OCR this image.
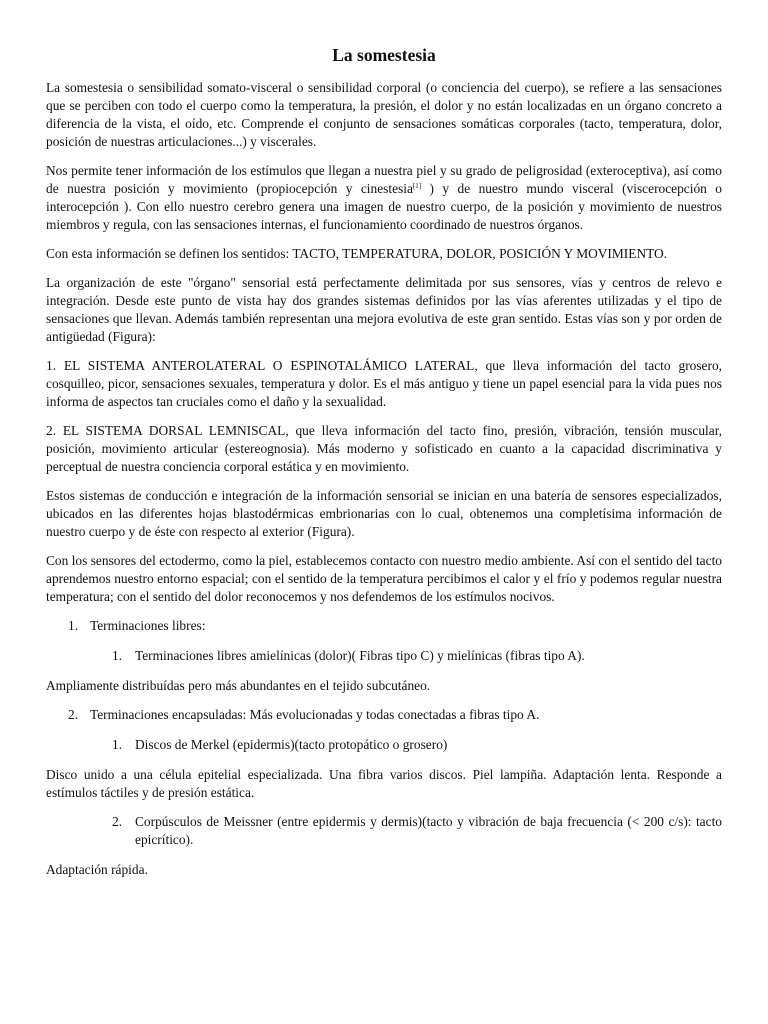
La somestesia

La somestesia o sensibilidad somato-visceral o sensibilidad corporal (o conciencia del cuerpo), se refiere a las sensaciones que se perciben con todo el cuerpo como la temperatura, la presión, el dolor y no están localizadas en un órgano concreto a diferencia de la vista, el oído, etc. Comprende el conjunto de sensaciones somáticas corporales (tacto, temperatura, dolor, posición de nuestras articulaciones...) y viscerales.

Nos permite tener información de los estímulos que llegan a nuestra piel y su grado de peligrosidad (exteroceptiva), así como de nuestra posición y movimiento (propiocepción y cinestesia[1] ) y de nuestro mundo visceral (viscerocepción o interocepción ). Con ello nuestro cerebro genera una imagen de nuestro cuerpo, de la posición y movimiento de nuestros miembros y regula, con las sensaciones internas, el funcionamiento coordinado de nuestros órganos.

Con esta información se definen los sentidos: TACTO, TEMPERATURA, DOLOR, POSICIÓN Y MOVIMIENTO.

La organización de este "órgano" sensorial está perfectamente delimitada por sus sensores, vías y centros de relevo e integración. Desde este punto de vista hay dos grandes sistemas definidos por las vías aferentes utilizadas y el tipo de sensaciones que llevan. Además también representan una mejora evolutiva de este gran sentido. Estas vías son y por orden de antigüedad (Figura):

1. EL SISTEMA ANTEROLATERAL O ESPINOTALÁMICO LATERAL, que lleva información del tacto grosero, cosquilleo, picor, sensaciones sexuales, temperatura y dolor. Es el más antiguo y tiene un papel esencial para la vida pues nos informa de aspectos tan cruciales como el daño y la sexualidad.

2. EL SISTEMA DORSAL LEMNISCAL, que lleva información del tacto fino, presión, vibración, tensión muscular, posición, movimiento articular (estereognosia). Más moderno y sofisticado en cuanto a la capacidad discriminativa y perceptual de nuestra conciencia corporal estática y en movimiento.

Estos sistemas de conducción e integración de la información sensorial se inician en una batería de sensores especializados, ubicados en las diferentes hojas blastodérmicas embrionarias con lo cual, obtenemos una completísima información de nuestro cuerpo y de éste con respecto al exterior (Figura).

Con los sensores del ectodermo, como la piel, establecemos contacto con nuestro medio ambiente. Así con el sentido del tacto aprendemos nuestro entorno espacial; con el sentido de la temperatura percibimos el calor y el frío y podemos regular nuestra temperatura; con el sentido del dolor reconocemos y nos defendemos de los estímulos nocivos.

1. Terminaciones libres:
1. Terminaciones libres amielínicas (dolor)( Fibras tipo C) y mielínicas (fibras tipo A).

Ampliamente distribuídas pero más abundantes en el tejido subcutáneo.

2. Terminaciones encapsuladas: Más evolucionadas y todas conectadas a fibras tipo A.
1. Discos de Merkel (epidermis)(tacto protopático o grosero)

Disco unido a una célula epitelial especializada. Una fibra varios discos. Piel lampiña. Adaptación lenta. Responde a estímulos táctiles y de presión estática.

2. Corpúsculos de Meissner (entre epidermis y dermis)(tacto y vibración de baja frecuencia (< 200 c/s): tacto epicrítico).

Adaptación rápida.
